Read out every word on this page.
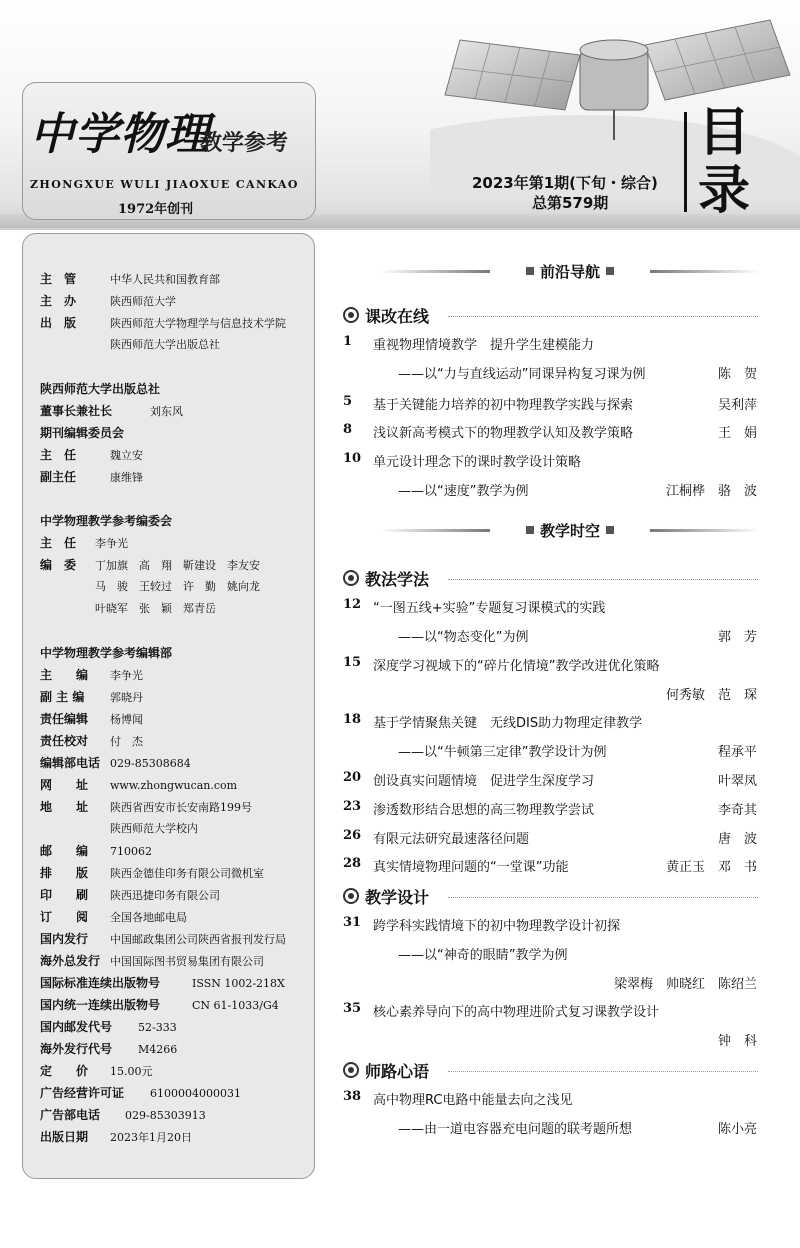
中学物理
教学参考
ZHONGXUE WULI JIAOXUE CANKAO
1972年创刊
2023年第1期(下旬・综合)
总第579期
目录
主　管	中华人民共和国教育部
主　办	陕西师范大学
出　版	陕西师范大学物理学与信息技术学院
陕西师范大学出版总社
陕西师范大学出版总社
董事长兼社长	刘东风
期刊编辑委员会
主　任	魏立安
副主任	康维锋
中学物理教学参考编委会
主　任 李争光
编　委 丁加旗　高　翔　靳建设　李友安
马　骏　王较过　许　勤　姚向龙
叶晓军　张　颖　郑青岳
中学物理教学参考编辑部
主　　编 李争光
副 主 编 郭晓丹
责任编辑 杨博闻
责任校对 付　杰
编辑部电话 029-85308684
网　　址 www.zhongwucan.com
地　　址 陕西省西安市长安南路199号
陕西师范大学校内
邮　　编 710062
排　　版 陕西金德佳印务有限公司微机室
印　　刷 陕西迅捷印务有限公司
订　　阅 全国各地邮电局
国内发行 中国邮政集团公司陕西省报刊发行局
海外总发行 中国国际图书贸易集团有限公司
国际标准连续出版物号	ISSN 1002-218X
国内统一连续出版物号	CN 61-1033/G4
国内邮发代号 52-333
海外发行代号 M4266
定　　价 15.00元
广告经营许可证 6100004000031
广告部电话 029-85303913
出版日期 2023年1月20日
前沿导航
课改在线
1 重视物理情境教学　提升学生建模能力
——以“力与直线运动”同课异构复习课为例	陈　贺
5 基于关键能力培养的初中物理教学实践与探索	吴利萍
8 浅议新高考模式下的物理教学认知及教学策略	王　娟
10 单元设计理念下的课时教学设计策略
——以“速度”教学为例	江桐桦　骆　波
教学时空
教法学法
12 “一图五线+实验”专题复习课模式的实践
——以“物态变化”为例	郭　芳
15 深度学习视域下的“碎片化情境”教学改进优化策略
何秀敏　范　琛
18 基于学情聚焦关键　无线DIS助力物理定律教学
——以“牛顿第三定律”教学设计为例	程承平
20 创设真实问题情境　促进学生深度学习	叶翠凤
23 渗透数形结合思想的高三物理教学尝试	李奇其
26 有限元法研究最速落径问题	唐　波
28 真实情境物理问题的“一堂课”功能	黄正玉　邓　书
教学设计
31 跨学科实践情境下的初中物理教学设计初探
——以“神奇的眼睛”教学为例
梁翠梅　帅晓红　陈绍兰
35 核心素养导向下的高中物理进阶式复习课教学设计
钟　科
师路心语
38 高中物理RC电路中能量去向之浅见
——由一道电容器充电问题的联考题所想	陈小亮
